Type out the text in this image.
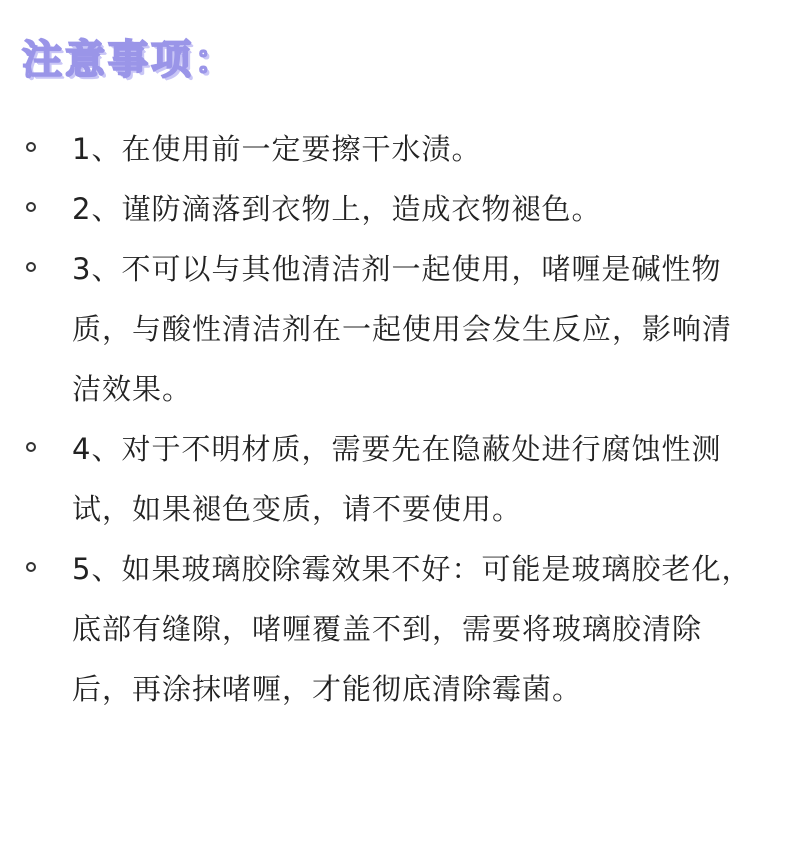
注意事项：
1、在使用前一定要擦干水渍。
2、谨防滴落到衣物上，造成衣物褪色。
3、不可以与其他清洁剂一起使用，啫喱是碱性物质，与酸性清洁剂在一起使用会发生反应，影响清洁效果。
4、对于不明材质，需要先在隐蔽处进行腐蚀性测试，如果褪色变质，请不要使用。
5、如果玻璃胶除霉效果不好：可能是玻璃胶老化，底部有缝隙，啫喱覆盖不到，需要将玻璃胶清除后，再涂抹啫喱，才能彻底清除霉菌。
